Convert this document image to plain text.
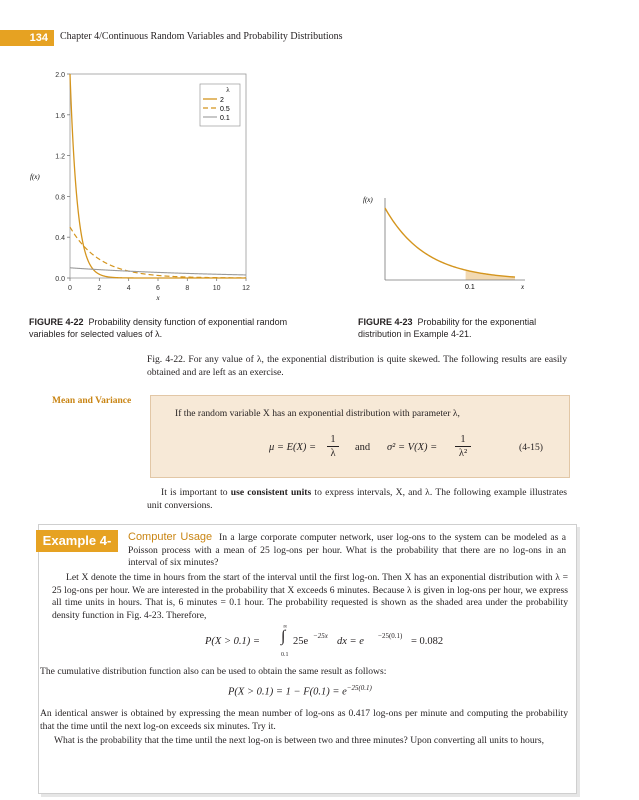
134	Chapter 4/Continuous Random Variables and Probability Distributions
2.0
1.6
1.2
0.8
0.4
0.0
0	2	4	6	8	10	12
x
f(x)
λ
2
0.5
0.1
FIGURE 4-22 Probability density function of exponential random variables for selected values of λ.
f(x)
0.1	x
FIGURE 4-23 Probability for the exponential distribution in Example 4-21.
Fig. 4-22. For any value of λ, the exponential distribution is quite skewed. The following results are easily obtained and are left as an exercise.
Mean and Variance
If the random variable X has an exponential distribution with parameter λ,
μ = E(X) =
1
λ
and σ² = V(X) =
1
λ²
(4-15)
It is important to use consistent units to express intervals, X, and λ. The following example illustrates unit conversions.
Example 4-21
Computer Usage In a large corporate computer network, user log-ons to the system can be modeled as a Poisson process with a mean of 25 log-ons per hour. What is the probability that there are no log-ons in an interval of six minutes?
Let X denote the time in hours from the start of the interval until the first log-on. Then X has an exponential distribution with λ = 25 log-ons per hour. We are interested in the probability that X exceeds 6 minutes. Because λ is given in log-ons per hour, we express all time units in hours. That is, 6 minutes = 0.1 hour. The probability requested is shown as the shaded area under the probability density function in Fig. 4-23. Therefore,
P(X > 0.1) =
∞
∫
0.1
25e −25x dx = e −25(0.1) = 0.082
The cumulative distribution function also can be used to obtain the same result as follows:
$P(X > 0.1) = 1 - F(0.1) = e^{-25(0.1)}$
An identical answer is obtained by expressing the mean number of log-ons as 0.417 log-ons per minute and computing the probability that the time until the next log-on exceeds six minutes. Try it.
What is the probability that the time until the next log-on is between two and three minutes? Upon converting all units to hours,
